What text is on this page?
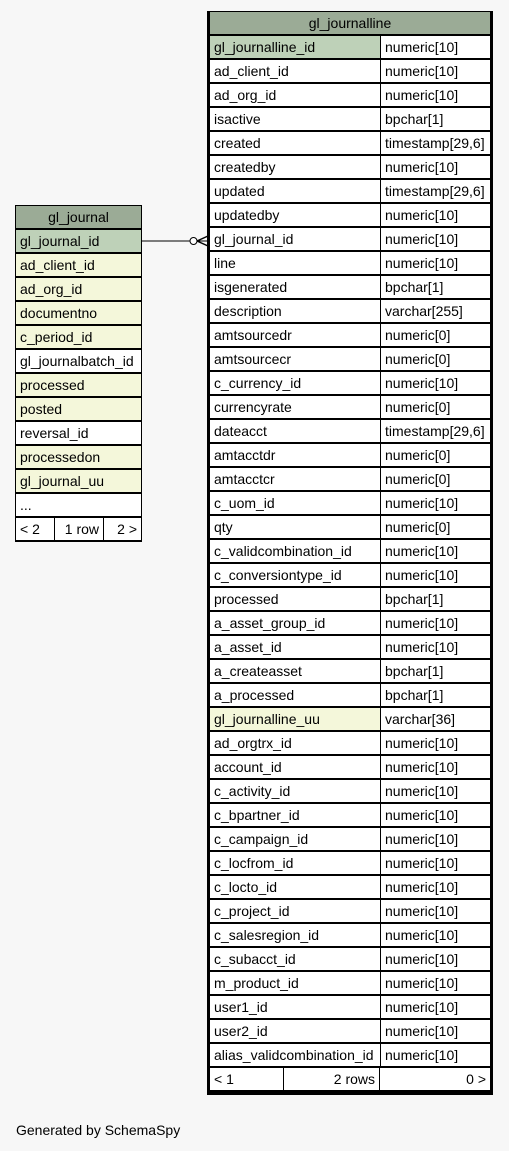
gl_journal
gl_journal_id
ad_client_id
ad_org_id
documentno
c_period_id
gl_journalbatch_id
processed
posted
reversal_id
processedon
gl_journal_uu
...
< 2	1 row	2 >
gl_journalline
gl_journalline_id	numeric[10]
ad_client_id	numeric[10]
ad_org_id	numeric[10]
isactive	bpchar[1]
created	timestamp[29,6]
createdby	numeric[10]
updated	timestamp[29,6]
updatedby	numeric[10]
gl_journal_id	numeric[10]
line	numeric[10]
isgenerated	bpchar[1]
description	varchar[255]
amtsourcedr	numeric[0]
amtsourcecr	numeric[0]
c_currency_id	numeric[10]
currencyrate	numeric[0]
dateacct	timestamp[29,6]
amtacctdr	numeric[0]
amtacctcr	numeric[0]
c_uom_id	numeric[10]
qty	numeric[0]
c_validcombination_id	numeric[10]
c_conversiontype_id	numeric[10]
processed	bpchar[1]
a_asset_group_id	numeric[10]
a_asset_id	numeric[10]
a_createasset	bpchar[1]
a_processed	bpchar[1]
gl_journalline_uu	varchar[36]
ad_orgtrx_id	numeric[10]
account_id	numeric[10]
c_activity_id	numeric[10]
c_bpartner_id	numeric[10]
c_campaign_id	numeric[10]
c_locfrom_id	numeric[10]
c_locto_id	numeric[10]
c_project_id	numeric[10]
c_salesregion_id	numeric[10]
c_subacct_id	numeric[10]
m_product_id	numeric[10]
user1_id	numeric[10]
user2_id	numeric[10]
alias_validcombination_id numeric[10]
< 1	2 rows	0 >
Generated by SchemaSpy
